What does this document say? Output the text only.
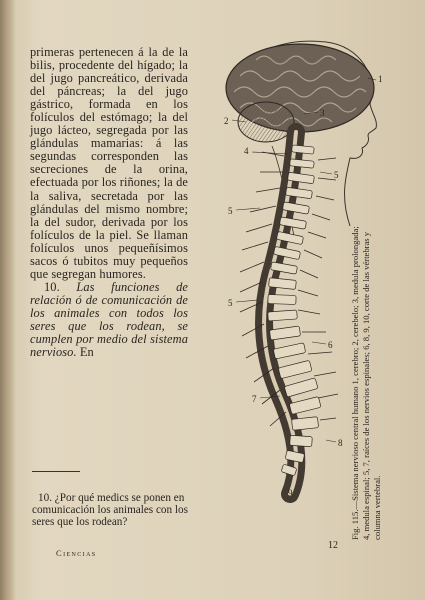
primeras pertenecen á la de la bilis, procedente del hígado; la del jugo pancreático, derivada del páncreas; la del jugo gástrico, formada en los folículos del estómago; la del jugo lácteo, segregada por las glándulas mamarias: á las segundas corresponden las secreciones de la orina, efectuada por los riñones; la de la saliva, secretada por las glándulas del mismo nombre; la del sudor, derivada por los folículos de la piel. Se llaman folículos unos pequeñísimos sacos ó tubitos muy pequeños que segregan humores.

10. Las funciones de relación ó de comunicación de los animales con todos los seres que los rodean, se cumplen por medio del sistema nervioso. En

10. ¿Por qué medics se ponen en comunicación los animales con los seres que los rodean?
Ciencias
12
1
2
3
4
5
5
5
6
7
8
9	Fig. 115.—Sistema nervioso central humano 1, cerebro; 2, cerebelo; 3, medula prolongada; 4, medula espinal; 5, 7, raíces de los nervios espinales; 6, 8, 9, 10, corte de las vértebras y columna vertebral.
